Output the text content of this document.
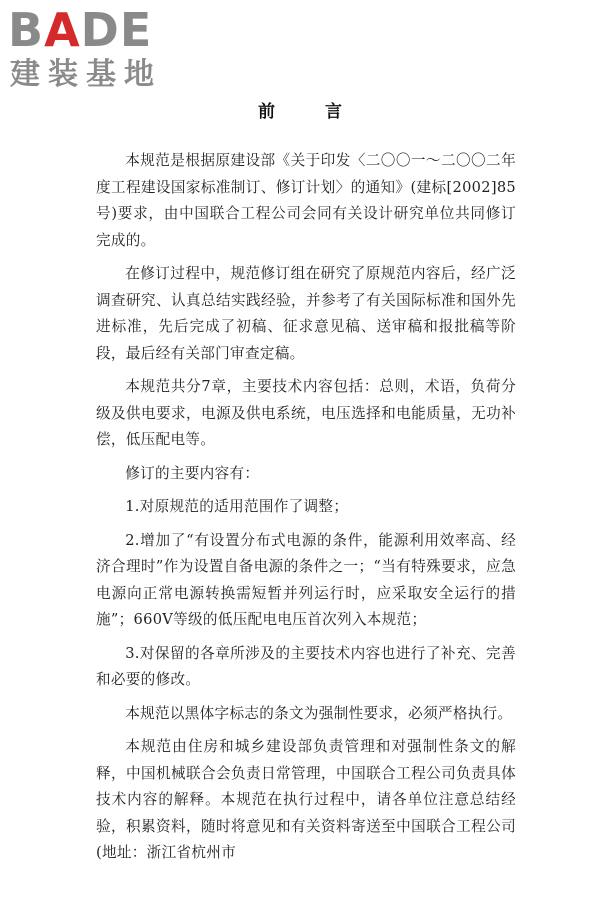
BADE
建装基地
前 言

本规范是根据原建设部《关于印发〈二〇〇一～二〇〇二年度工程建设国家标准制订、修订计划〉的通知》(建标[2002]85号)要求，由中国联合工程公司会同有关设计研究单位共同修订完成的。

在修订过程中，规范修订组在研究了原规范内容后，经广泛调查研究、认真总结实践经验，并参考了有关国际标准和国外先进标准，先后完成了初稿、征求意见稿、送审稿和报批稿等阶段，最后经有关部门审查定稿。

本规范共分7章，主要技术内容包括：总则，术语，负荷分级及供电要求，电源及供电系统，电压选择和电能质量，无功补偿，低压配电等。

修订的主要内容有：

1.对原规范的适用范围作了调整；

2.增加了“有设置分布式电源的条件，能源利用效率高、经济合理时”作为设置自备电源的条件之一；“当有特殊要求，应急电源向正常电源转换需短暂并列运行时，应采取安全运行的措施”；660V等级的低压配电电压首次列入本规范；

3.对保留的各章所涉及的主要技术内容也进行了补充、完善和必要的修改。

本规范以黑体字标志的条文为强制性要求，必须严格执行。

本规范由住房和城乡建设部负责管理和对强制性条文的解释，中国机械联合会负责日常管理，中国联合工程公司负责具体技术内容的解释。本规范在执行过程中，请各单位注意总结经验，积累资料，随时将意见和有关资料寄送至中国联合工程公司(地址：浙江省杭州市
